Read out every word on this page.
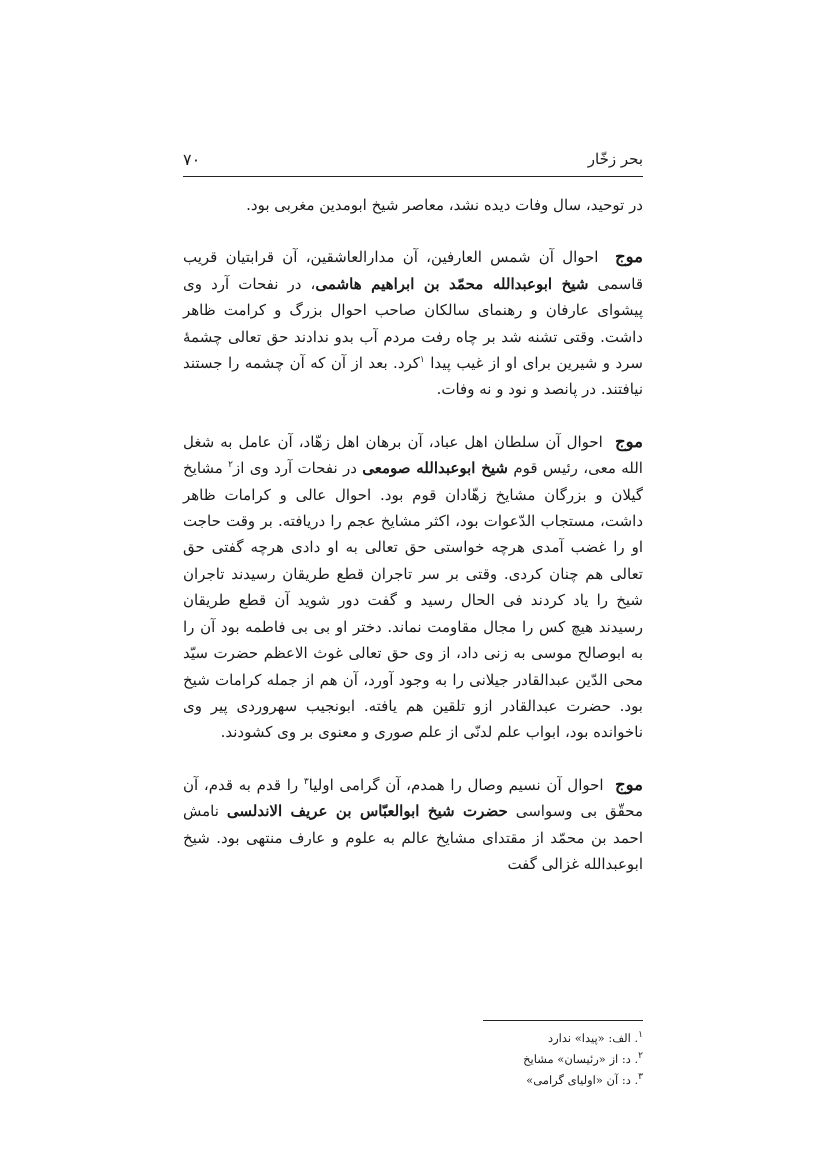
۷۰	بحر زخّار

در توحید، سال وفات دیده نشد، معاصر شیخ ابومدین مغربی بود.

موج  احوال آن شمس العارفین، آن مدارالعاشقین، آن قرابتیان قریب قاسمی شیخ ابوعبدالله محمّد بن ابراهیم هاشمی، در نفحات آرد وی پیشوای عارفان و رهنمای سالکان صاحب احوال بزرگ و کرامت ظاهر داشت. وقتی تشنه شد بر چاه رفت مردم آب بدو ندادند حق تعالی چشمهٔ سرد و شیرین برای او از غیب پیدا $^۱$کرد. بعد از آن که آن چشمه را جستند نیافتند. در پانصد و نود و نه وفات.

موج  احوال آن سلطان اهل عباد، آن برهان اهل زهّاد، آن عامل به شغل الله معی، رئیس قوم شیخ ابوعبدالله صومعی در نفحات آرد وی از$^۲$ مشایخ گیلان و بزرگان مشایخ زهّادان قوم بود. احوال عالی و کرامات ظاهر داشت، مستجاب الدّعوات بود، اکثر مشایخ عجم را دریافته. بر وقت حاجت او را غضب آمدی هرچه خواستی حق تعالی به او دادی هرچه گفتی حق تعالی هم چنان کردی. وقتی بر سر تاجران قطع طریقان رسیدند تاجران شیخ را یاد کردند فی الحال رسید و گفت دور شوید آن قطع طریقان رسیدند هیچ کس را مجال مقاومت نماند. دختر او بی بی فاطمه بود آن را به ابوصالح موسی به زنی داد، از وی حق تعالی غوث الاعظم حضرت سیّد محی الدّین عبدالقادر جیلانی را به وجود آورد، آن هم از جمله کرامات شیخ بود. حضرت عبدالقادر ازو تلقین هم یافته. ابونجیب سهروردی پیر وی ناخوانده بود، ابواب علم لدنّی از علم صوری و معنوی بر وی کشودند.

موج  احوال آن نسیم وصال را همدم، آن گرامی اولیا$^۳$ را قدم به قدم، آن محقّق بی وسواسی حضرت شیخ ابوالعبّاس بن عریف الاندلسی نامش احمد بن محمّد از مقتدای مشایخ عالم به علوم و عارف منتهی بود. شیخ ابوعبدالله غزالی گفت

$^۱$. الف: «پیدا» ندارد
$^۲$. د: از «رئیسان» مشایخ
$^۳$. د: آن «اولیای گرامی»
